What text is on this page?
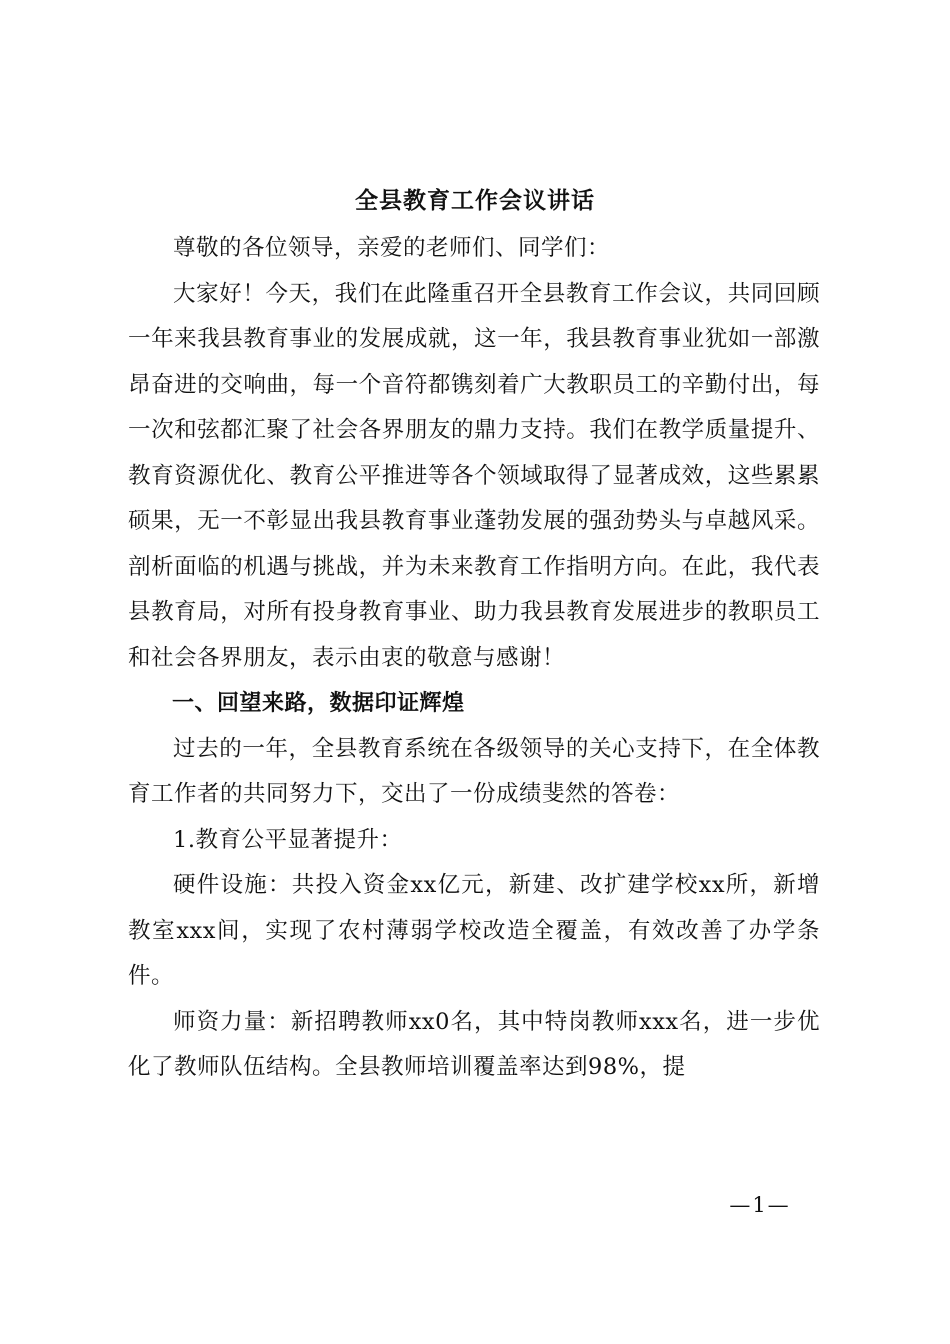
全县教育工作会议讲话

尊敬的各位领导，亲爱的老师们、同学们：

大家好！今天，我们在此隆重召开全县教育工作会议，共同回顾一年来我县教育事业的发展成就，这一年，我县教育事业犹如一部激昂奋进的交响曲，每一个音符都镌刻着广大教职员工的辛勤付出，每一次和弦都汇聚了社会各界朋友的鼎力支持。我们在教学质量提升、教育资源优化、教育公平推进等各个领域取得了显著成效，这些累累硕果，无一不彰显出我县教育事业蓬勃发展的强劲势头与卓越风采。剖析面临的机遇与挑战，并为未来教育工作指明方向。在此，我代表县教育局，对所有投身教育事业、助力我县教育发展进步的教职员工和社会各界朋友，表示由衷的敬意与感谢！

一、回望来路，数据印证辉煌

过去的一年，全县教育系统在各级领导的关心支持下，在全体教育工作者的共同努力下，交出了一份成绩斐然的答卷：

1.教育公平显著提升：

硬件设施：共投入资金xx亿元，新建、改扩建学校xx所，新增教室xxx间，实现了农村薄弱学校改造全覆盖，有效改善了办学条件。

师资力量：新招聘教师xx0名，其中特岗教师xxx名，进一步优化了教师队伍结构。全县教师培训覆盖率达到98%，提

—1—
